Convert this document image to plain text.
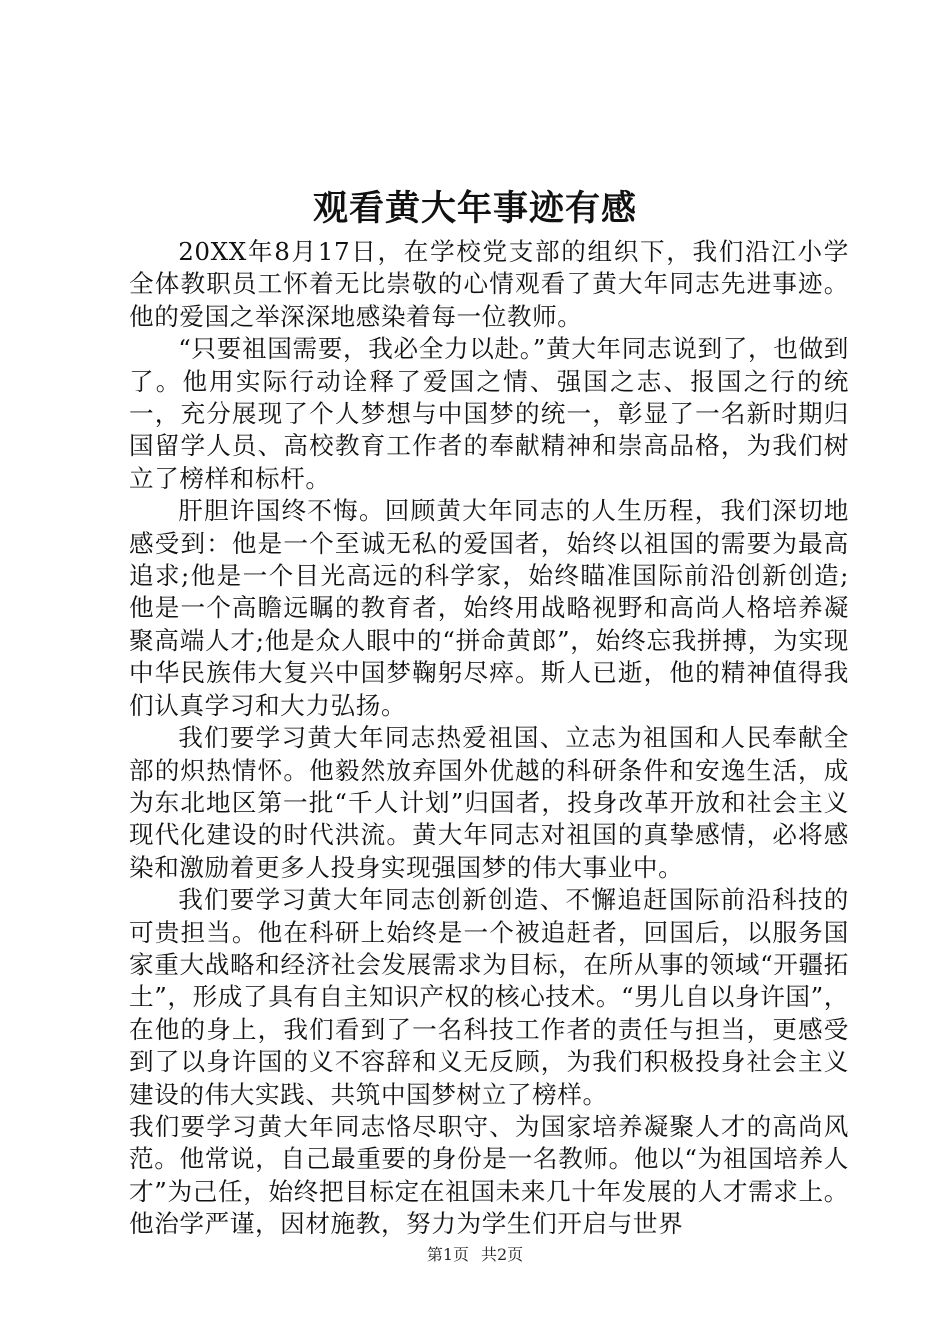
观看黄大年事迹有感

20XX年8月17日，在学校党支部的组织下，我们沿江小学全体教职员工怀着无比崇敬的心情观看了黄大年同志先进事迹。他的爱国之举深深地感染着每一位教师。

“只要祖国需要，我必全力以赴。”黄大年同志说到了，也做到了。他用实际行动诠释了爱国之情、强国之志、报国之行的统一，充分展现了个人梦想与中国梦的统一，彰显了一名新时期归国留学人员、高校教育工作者的奉献精神和崇高品格，为我们树立了榜样和标杆。

肝胆许国终不悔。回顾黄大年同志的人生历程，我们深切地感受到：他是一个至诚无私的爱国者，始终以祖国的需要为最高追求;他是一个目光高远的科学家，始终瞄准国际前沿创新创造;他是一个高瞻远瞩的教育者，始终用战略视野和高尚人格培养凝聚高端人才;他是众人眼中的“拼命黄郎”，始终忘我拼搏，为实现中华民族伟大复兴中国梦鞠躬尽瘁。斯人已逝，他的精神值得我们认真学习和大力弘扬。

我们要学习黄大年同志热爱祖国、立志为祖国和人民奉献全部的炽热情怀。他毅然放弃国外优越的科研条件和安逸生活，成为东北地区第一批“千人计划”归国者，投身改革开放和社会主义现代化建设的时代洪流。黄大年同志对祖国的真挚感情，必将感染和激励着更多人投身实现强国梦的伟大事业中。

我们要学习黄大年同志创新创造、不懈追赶国际前沿科技的可贵担当。他在科研上始终是一个被追赶者，回国后，以服务国家重大战略和经济社会发展需求为目标，在所从事的领域“开疆拓土”，形成了具有自主知识产权的核心技术。“男儿自以身许国”，在他的身上，我们看到了一名科技工作者的责任与担当，更感受到了以身许国的义不容辞和义无反顾，为我们积极投身社会主义建设的伟大实践、共筑中国梦树立了榜样。

我们要学习黄大年同志恪尽职守、为国家培养凝聚人才的高尚风范。他常说，自己最重要的身份是一名教师。他以“为祖国培养人才”为己任，始终把目标定在祖国未来几十年发展的人才需求上。他治学严谨，因材施教，努力为学生们开启与世界

第1页 共2页
